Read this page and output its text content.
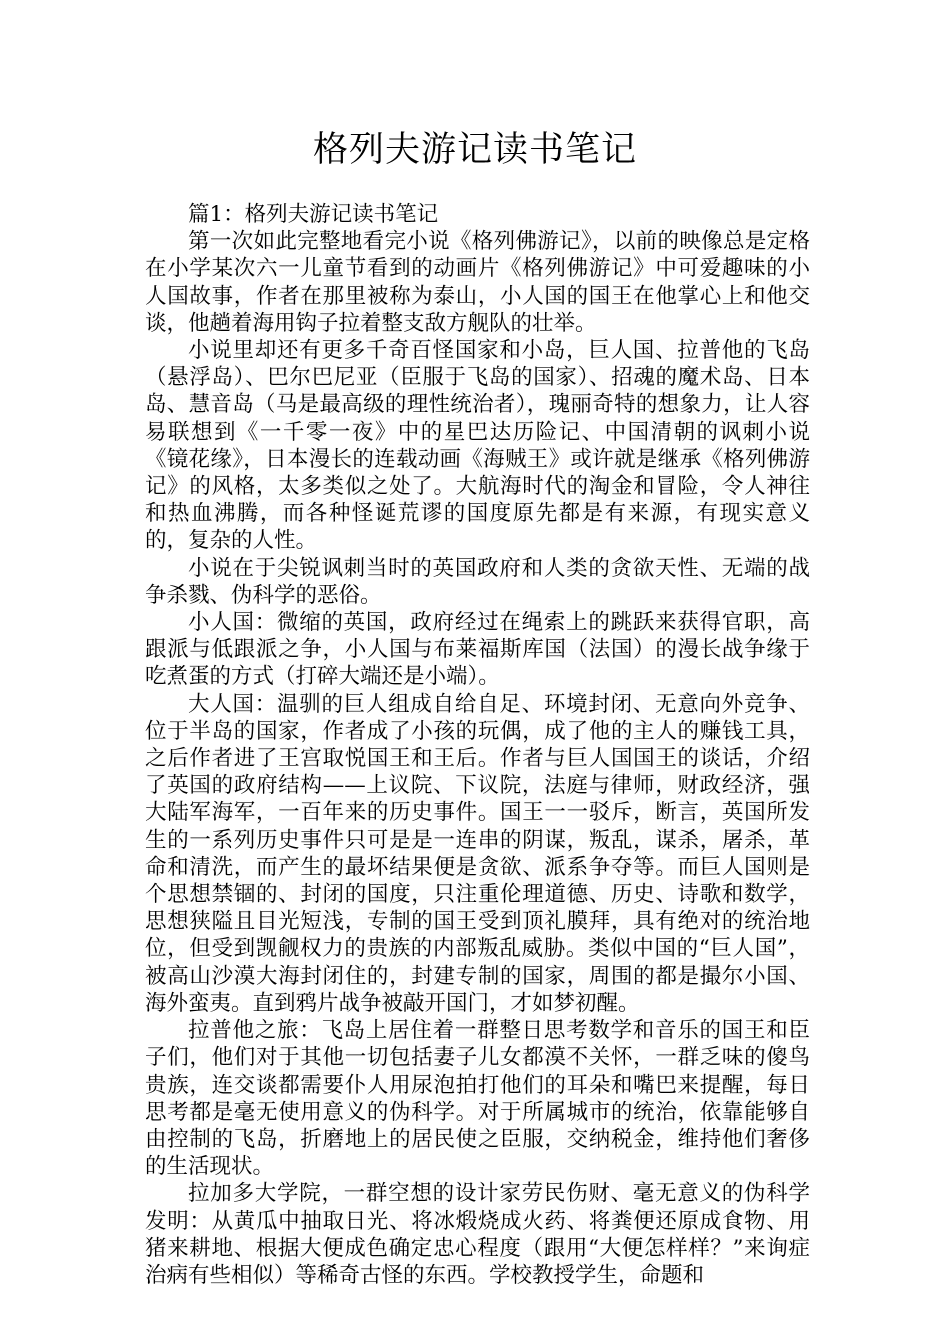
格列夫游记读书笔记

篇1：格列夫游记读书笔记

第一次如此完整地看完小说《格列佛游记》，以前的映像总是定格在小学某次六一儿童节看到的动画片《格列佛游记》中可爱趣味的小人国故事，作者在那里被称为泰山，小人国的国王在他掌心上和他交谈，他趟着海用钩子拉着整支敌方舰队的壮举。

小说里却还有更多千奇百怪国家和小岛，巨人国、拉普他的飞岛（悬浮岛）、巴尔巴尼亚（臣服于飞岛的国家）、招魂的魔术岛、日本岛、慧音岛（马是最高级的理性统治者），瑰丽奇特的想象力，让人容易联想到《一千零一夜》中的星巴达历险记、中国清朝的讽刺小说《镜花缘》，日本漫长的连载动画《海贼王》或许就是继承《格列佛游记》的风格，太多类似之处了。大航海时代的淘金和冒险，令人神往和热血沸腾，而各种怪诞荒谬的国度原先都是有来源，有现实意义的，复杂的人性。

小说在于尖锐讽刺当时的英国政府和人类的贪欲天性、无端的战争杀戮、伪科学的恶俗。

小人国：微缩的英国，政府经过在绳索上的跳跃来获得官职，高跟派与低跟派之争，小人国与布莱福斯库国（法国）的漫长战争缘于吃煮蛋的方式（打碎大端还是小端）。

大人国：温驯的巨人组成自给自足、环境封闭、无意向外竞争、位于半岛的国家，作者成了小孩的玩偶，成了他的主人的赚钱工具，之后作者进了王宫取悦国王和王后。作者与巨人国国王的谈话，介绍了英国的政府结构——上议院、下议院，法庭与律师，财政经济，强大陆军海军，一百年来的历史事件。国王一一驳斥，断言，英国所发生的一系列历史事件只可是是一连串的阴谋，叛乱，谋杀，屠杀，革命和清洗，而产生的最坏结果便是贪欲、派系争夺等。而巨人国则是个思想禁锢的、封闭的国度，只注重伦理道德、历史、诗歌和数学，思想狭隘且目光短浅，专制的国王受到顶礼膜拜，具有绝对的统治地位，但受到觊觎权力的贵族的内部叛乱威胁。类似中国的“巨人国”，被高山沙漠大海封闭住的，封建专制的国家，周围的都是撮尔小国、海外蛮夷。直到鸦片战争被敲开国门，才如梦初醒。

拉普他之旅：飞岛上居住着一群整日思考数学和音乐的国王和臣子们，他们对于其他一切包括妻子儿女都漠不关怀，一群乏味的傻鸟贵族，连交谈都需要仆人用尿泡拍打他们的耳朵和嘴巴来提醒，每日思考都是毫无使用意义的伪科学。对于所属城市的统治，依靠能够自由控制的飞岛，折磨地上的居民使之臣服，交纳税金，维持他们奢侈的生活现状。

拉加多大学院，一群空想的设计家劳民伤财、毫无意义的伪科学发明：从黄瓜中抽取日光、将冰煅烧成火药、将粪便还原成食物、用猪来耕地、根据大便成色确定忠心程度（跟用“大便怎样样？”来询症治病有些相似）等稀奇古怪的东西。学校教授学生，命题和
